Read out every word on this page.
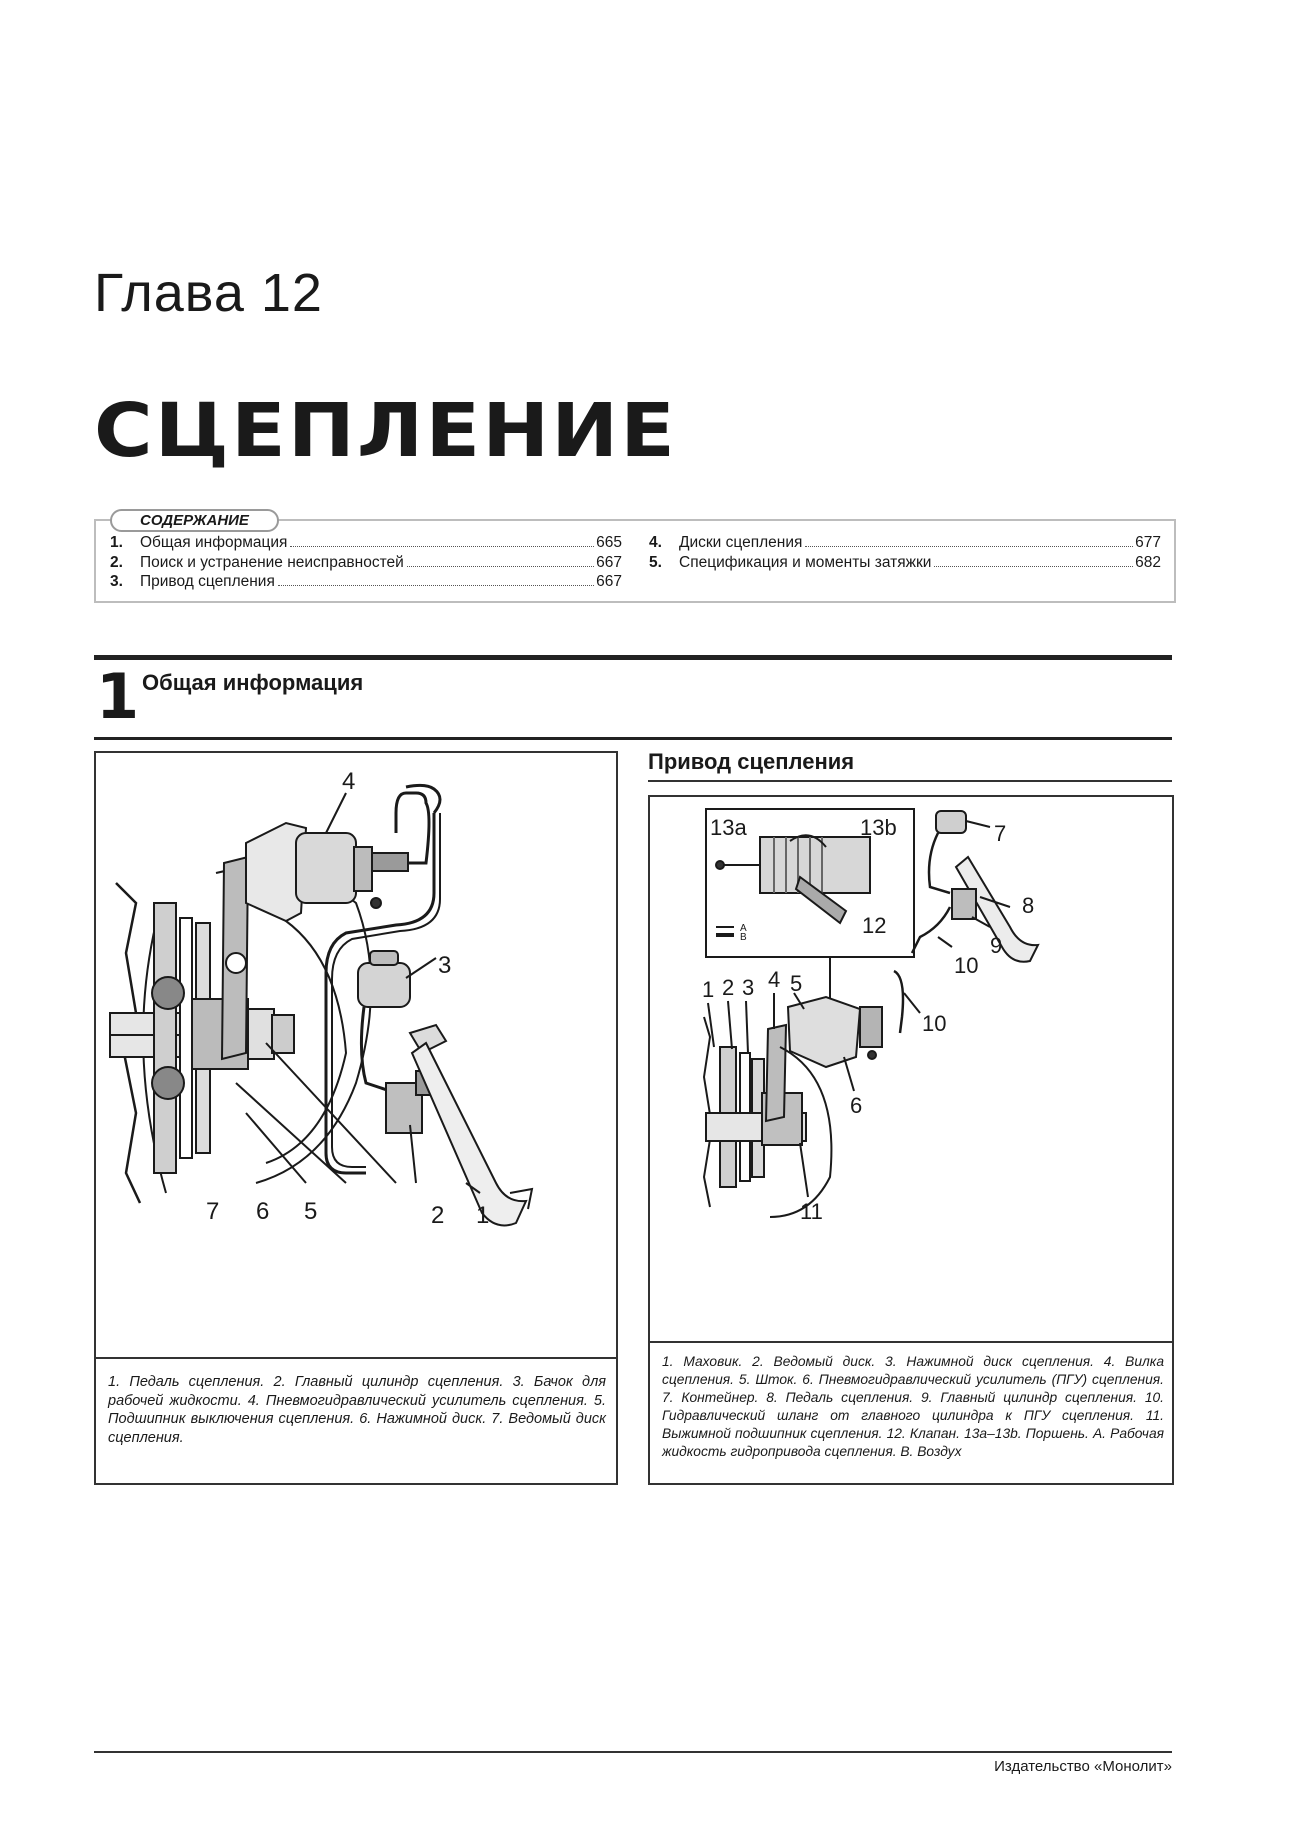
Глава 12
СЦЕПЛЕНИЕ
СОДЕРЖАНИЕ
1.	Общая информация	665
2.	Поиск и устранение неисправностей	667
3.	Привод сцепления	667
4.	Диски сцепления	677
5.	Спецификация и моменты затяжки	682
1 Общая информация
4
3
7 6 5	2 1
1. Педаль сцепления. 2. Главный цилиндр сцепления. 3. Бачок для рабочей жидкости. 4. Пневмогидравлический усилитель сцепления. 5. Подшипник выключения сцепления. 6. Нажимной диск. 7. Ведомый диск сцепления.
Привод сцепления
13a	13b
12
A
B
7
8
9
10
10
1 2 3 4 5
6
11
1. Маховик. 2. Ведомый диск. 3. Нажимной диск сцепления. 4. Вилка сцепления. 5. Шток. 6. Пневмогидравлический усилитель (ПГУ) сцепления. 7. Контейнер. 8. Педаль сцепления. 9. Главный цилиндр сцепления. 10. Гидравлический шланг от главного цилиндра к ПГУ сцепления. 11. Выжимной подшипник сцепления. 12. Клапан. 13а–13b. Поршень. А. Рабочая жидкость гидропривода сцепления. В. Воздух
Издательство «Монолит»
